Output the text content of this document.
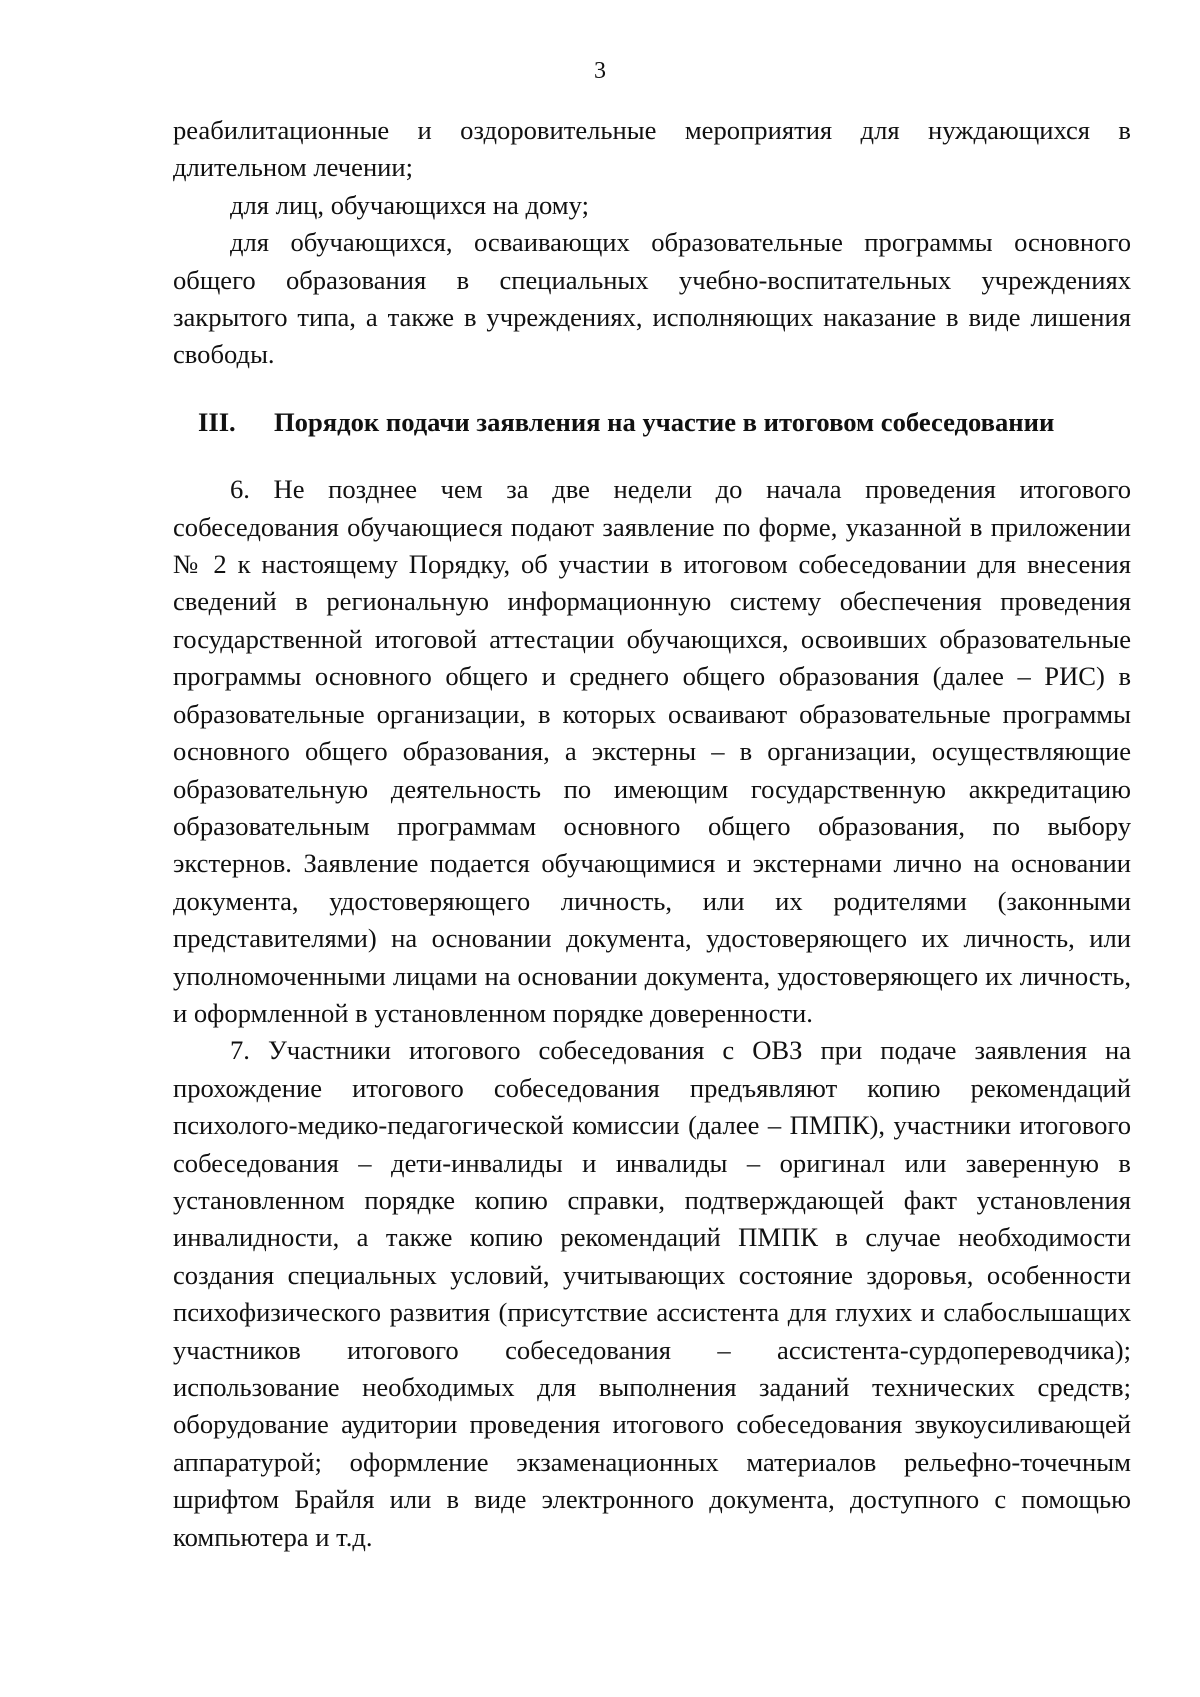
3

реабилитационные и оздоровительные мероприятия для нуждающихся в длительном лечении;

для лиц, обучающихся на дому;

для обучающихся, осваивающих образовательные программы основного общего образования в специальных учебно-воспитательных учреждениях закрытого типа, а также в учреждениях, исполняющих наказание в виде лишения свободы.

III. Порядок подачи заявления на участие в итоговом собеседовании

6. Не позднее чем за две недели до начала проведения итогового собеседования обучающиеся подают заявление по форме, указанной в приложении № 2 к настоящему Порядку, об участии в итоговом собеседовании для внесения сведений в региональную информационную систему обеспечения проведения государственной итоговой аттестации обучающихся, освоивших образовательные программы основного общего и среднего общего образования (далее – РИС) в образовательные организации, в которых осваивают образовательные программы основного общего образования, а экстерны – в организации, осуществляющие образовательную деятельность по имеющим государственную аккредитацию образовательным программам основного общего образования, по выбору экстернов. Заявление подается обучающимися и экстернами лично на основании документа, удостоверяющего личность, или их родителями (законными представителями) на основании документа, удостоверяющего их личность, или уполномоченными лицами на основании документа, удостоверяющего их личность, и оформленной в установленном порядке доверенности.

7. Участники итогового собеседования с ОВЗ при подаче заявления на прохождение итогового собеседования предъявляют копию рекомендаций психолого-медико-педагогической комиссии (далее – ПМПК), участники итогового собеседования – дети-инвалиды и инвалиды – оригинал или заверенную в установленном порядке копию справки, подтверждающей факт установления инвалидности, а также копию рекомендаций ПМПК в случае необходимости создания специальных условий, учитывающих состояние здоровья, особенности психофизического развития (присутствие ассистента для глухих и слабослышащих участников итогового собеседования – ассистента-сурдопереводчика); использование необходимых для выполнения заданий технических средств; оборудование аудитории проведения итогового собеседования звукоусиливающей аппаратурой; оформление экзаменационных материалов рельефно-точечным шрифтом Брайля или в виде электронного документа, доступного с помощью компьютера и т.д.
